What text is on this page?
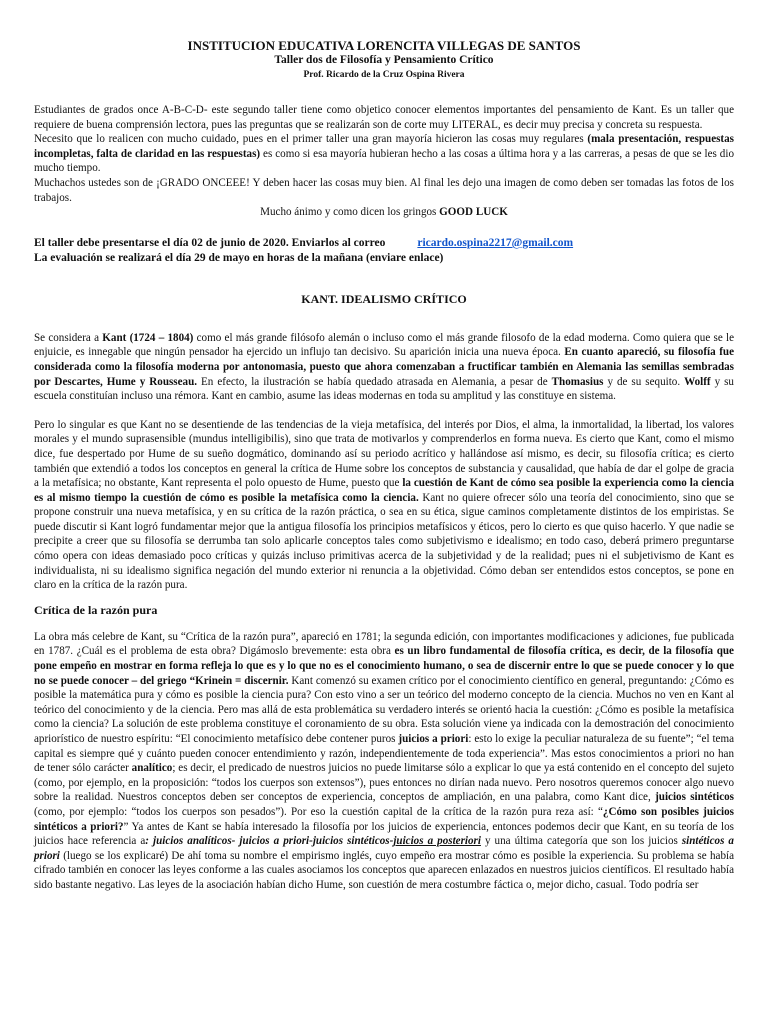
INSTITUCION EDUCATIVA LORENCITA VILLEGAS DE SANTOS
Taller dos de Filosofía y Pensamiento Crítico
Prof. Ricardo de la Cruz Ospina Rivera

Estudiantes de grados once A-B-C-D- este segundo taller tiene como objetico conocer elementos importantes del pensamiento de Kant. Es un taller que requiere de buena comprensión lectora, pues las preguntas que se realizarán son de corte muy LITERAL, es decir muy precisa y concreta su respuesta.

Necesito que lo realicen con mucho cuidado, pues en el primer taller una gran mayoría hicieron las cosas muy regulares (mala presentación, respuestas incompletas, falta de claridad en las respuestas) es como si esa mayoría hubieran hecho a las cosas a última hora y a las carreras, a pesas de que se les dio mucho tiempo.

Muchachos ustedes son de ¡GRADO ONCEEE! Y deben hacer las cosas muy bien. Al final les dejo una imagen de como deben ser tomadas las fotos de los trabajos.

Mucho ánimo y como dicen los gringos GOOD LUCK

El taller debe presentarse el día 02 de junio de 2020. Enviarlos al correo	ricardo.ospina2217@gmail.com
La evaluación se realizará el día 29 de mayo en horas de la mañana (enviare enlace)
KANT. IDEALISMO CRÍTICO

Se considera a Kant (1724 – 1804) como el más grande filósofo alemán o incluso como el más grande filosofo de la edad moderna. Como quiera que se le enjuicie, es innegable que ningún pensador ha ejercido un influjo tan decisivo. Su aparición inicia una nueva época. En cuanto apareció, su filosofía fue considerada como la filosofía moderna por antonomasia, puesto que ahora comenzaban a fructificar también en Alemania las semillas sembradas por Descartes, Hume y Rousseau. En efecto, la ilustración se había quedado atrasada en Alemania, a pesar de Thomasius y de su sequito. Wolff y su escuela constituían incluso una rémora. Kant en cambio, asume las ideas modernas en toda su amplitud y las constituye en sistema.

Pero lo singular es que Kant no se desentiende de las tendencias de la vieja metafísica, del interés por Dios, el alma, la inmortalidad, la libertad, los valores morales y el mundo suprasensible (mundus intelligibilis), sino que trata de motivarlos y comprenderlos en forma nueva. Es cierto que Kant, como el mismo dice, fue despertado por Hume de su sueño dogmático, dominando así su periodo acrítico y hallándose así mismo, es decir, su filosofía crítica; es cierto también que extendió a todos los conceptos en general la crítica de Hume sobre los conceptos de substancia y causalidad, que había de dar el golpe de gracia a la metafísica; no obstante, Kant representa el polo opuesto de Hume, puesto que la cuestión de Kant de cómo sea posible la experiencia como la ciencia es al mismo tiempo la cuestión de cómo es posible la metafísica como la ciencia. Kant no quiere ofrecer sólo una teoría del conocimiento, sino que se propone construir una nueva metafísica, y en su crítica de la razón práctica, o sea en su ética, sigue caminos completamente distintos de los empiristas. Se puede discutir si Kant logró fundamentar mejor que la antigua filosofía los principios metafísicos y éticos, pero lo cierto es que quiso hacerlo. Y que nadie se precipite a creer que su filosofía se derrumba tan solo aplicarle conceptos tales como subjetivismo e idealismo; en todo caso, deberá primero preguntarse cómo opera con ideas demasiado poco críticas y quizás incluso primitivas acerca de la subjetividad y de la realidad; pues ni el subjetivismo de Kant es individualista, ni su idealismo significa negación del mundo exterior ni renuncia a la objetividad. Cómo deban ser entendidos estos conceptos, se pone en claro en la crítica de la razón pura.

Crítica de la razón pura

La obra más celebre de Kant, su “Crítica de la razón pura”, apareció en 1781; la segunda edición, con importantes modificaciones y adiciones, fue publicada en 1787. ¿Cuál es el problema de esta obra? Digámoslo brevemente: esta obra es un libro fundamental de filosofía crítica, es decir, de la filosofía que pone empeño en mostrar en forma refleja lo que es y lo que no es el conocimiento humano, o sea de discernir entre lo que se puede conocer y lo que no se puede conocer – del griego “Krinein = discernir. Kant comenzó su examen crítico por el conocimiento científico en general, preguntando: ¿Cómo es posible la matemática pura y cómo es posible la ciencia pura? Con esto vino a ser un teórico del moderno concepto de la ciencia. Muchos no ven en Kant al teórico del conocimiento y de la ciencia. Pero mas allá de esta problemática su verdadero interés se orientó hacia la cuestión: ¿Cómo es posible la metafísica como la ciencia? La solución de este problema constituye el coronamiento de su obra. Esta solución viene ya indicada con la demostración del conocimiento apriorístico de nuestro espíritu: “El conocimiento metafísico debe contener puros juicios a priori: esto lo exige la peculiar naturaleza de su fuente”; “el tema capital es siempre qué y cuánto pueden conocer entendimiento y razón, independientemente de toda experiencia”. Mas estos conocimientos a priori no han de tener sólo carácter analítico; es decir, el predicado de nuestros juicios no puede limitarse sólo a explicar lo que ya está contenido en el concepto del sujeto (como, por ejemplo, en la proposición: “todos los cuerpos son extensos”), pues entonces no dirían nada nuevo. Pero nosotros queremos conocer algo nuevo sobre la realidad. Nuestros conceptos deben ser conceptos de experiencia, conceptos de ampliación, en una palabra, como Kant dice, juicios sintéticos (como, por ejemplo: “todos los cuerpos son pesados”). Por eso la cuestión capital de la crítica de la razón pura reza así: “¿Cómo son posibles juicios sintéticos a priori?” Ya antes de Kant se había interesado la filosofía por los juicios de experiencia, entonces podemos decir que Kant, en su teoría de los juicios hace referencia a: juicios analíticos- juicios a priori-juicios sintéticos-juicios a posteriori y una última categoría que son los juicios sintéticos a priori (luego se los explicaré) De ahí toma su nombre el empirismo inglés, cuyo empeño era mostrar cómo es posible la experiencia. Su problema se había cifrado también en conocer las leyes conforme a las cuales asociamos los conceptos que aparecen enlazados en nuestros juicios científicos. El resultado había sido bastante negativo. Las leyes de la asociación habían dicho Hume, son cuestión de mera costumbre fáctica o, mejor dicho, casual. Todo podría ser
